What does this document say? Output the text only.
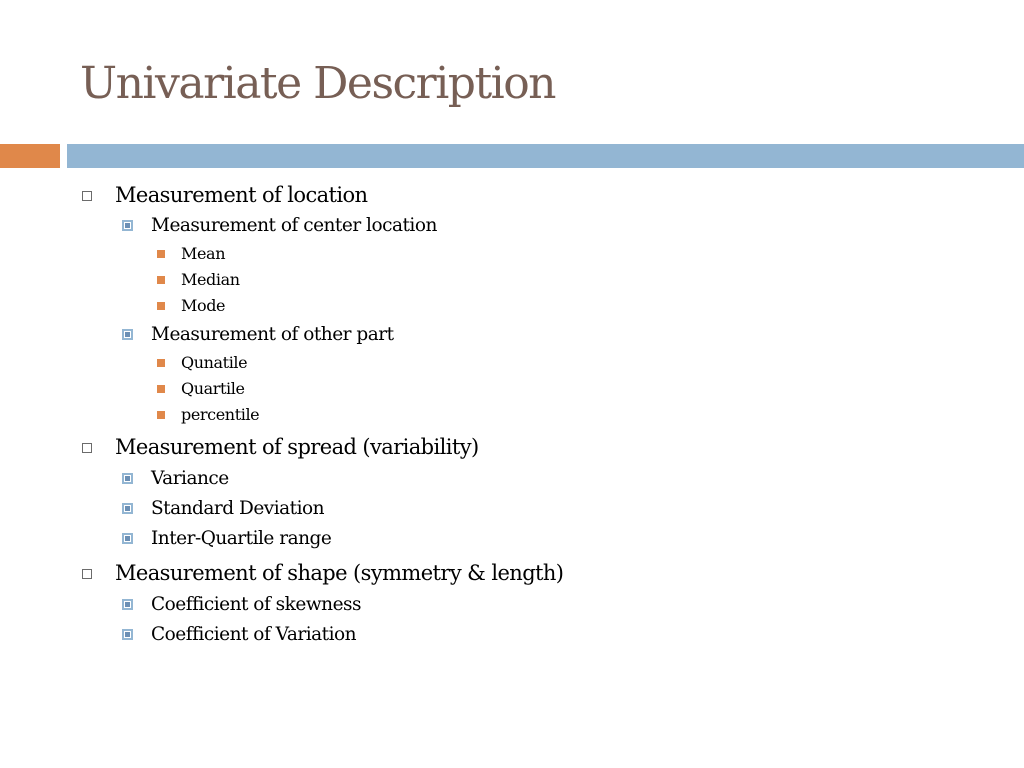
Univariate Description
Measurement of location
Measurement of center location
Mean
Median
Mode
Measurement of other part
Qunatile
Quartile
percentile
Measurement of spread (variability)
Variance
Standard Deviation
Inter-Quartile range
Measurement of shape (symmetry & length)
Coefficient of skewness
Coefficient of Variation
